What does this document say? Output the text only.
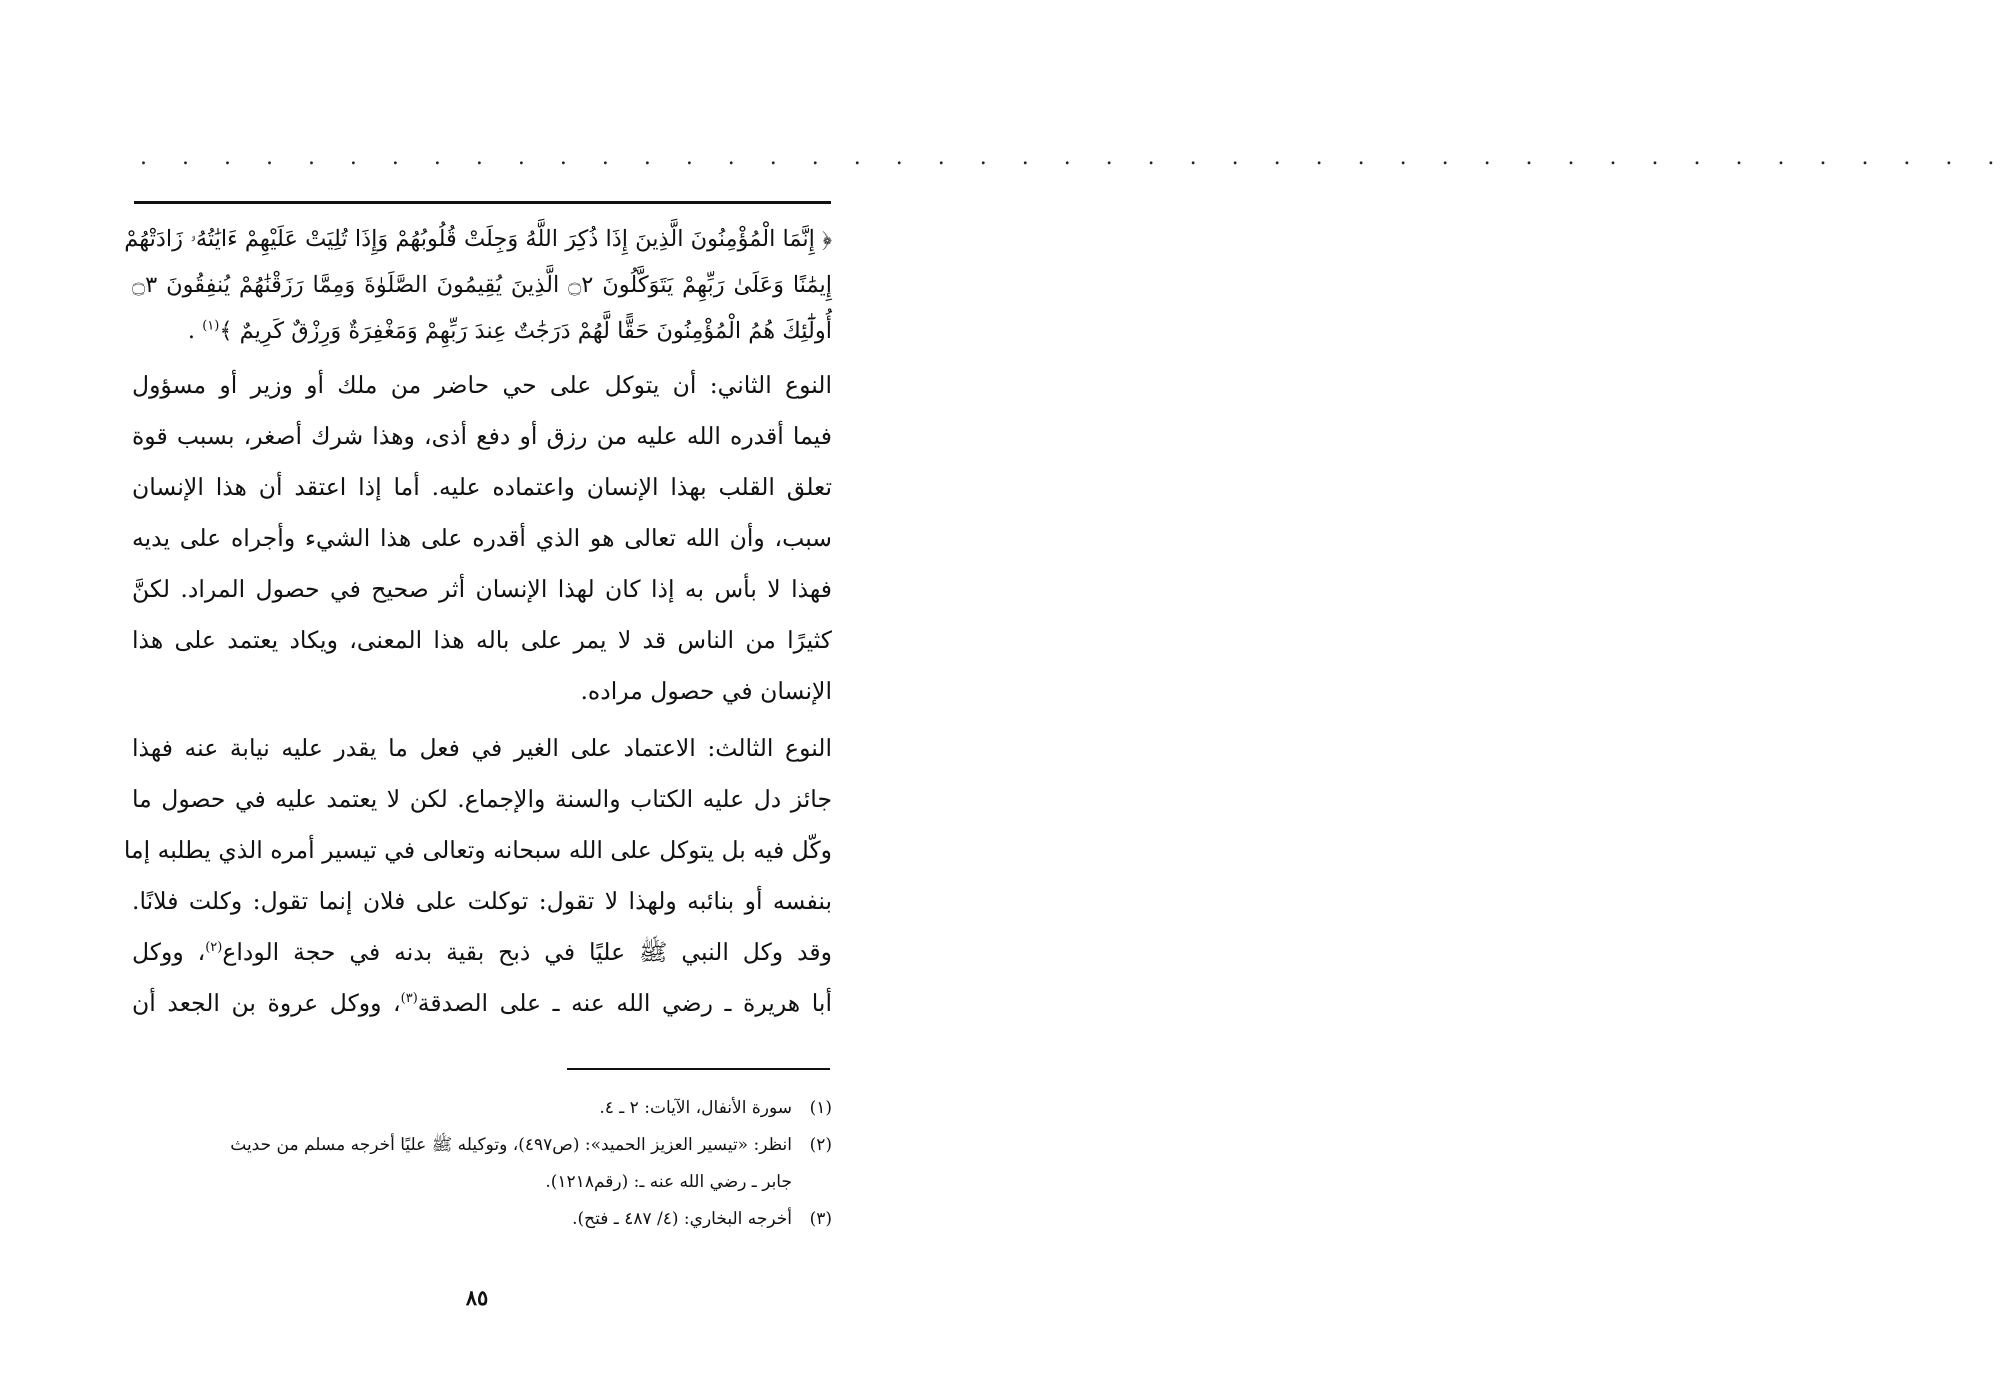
. . . . . . . . . . . . . . . . . . . . . . . . . . . . . . . . . . . . . . . . . . . . .
﴿ إِنَّمَا الْمُؤْمِنُونَ الَّذِينَ إِذَا ذُكِرَ اللَّهُ وَجِلَتْ قُلُوبُهُمْ وَإِذَا تُلِيَتْ عَلَيْهِمْ ءَايَٰتُهُۥ زَادَتْهُمْ
إِيمَٰنًا وَعَلَىٰ رَبِّهِمْ يَتَوَكَّلُونَ ۝٢ الَّذِينَ يُقِيمُونَ الصَّلَوٰةَ وَمِمَّا رَزَقْنَٰهُمْ يُنفِقُونَ ۝٣
أُولَٰٓئِكَ هُمُ الْمُؤْمِنُونَ حَقًّا لَّهُمْ دَرَجَٰتٌ عِندَ رَبِّهِمْ وَمَغْفِرَةٌ وَرِزْقٌ كَرِيمٌ ﴾$^{(١)}$ .
النوع الثاني: أن يتوكل على حي حاضر من ملك أو وزير أو مسؤول
فيما أقدره الله عليه من رزق أو دفع أذى، وهذا شرك أصغر، بسبب قوة
تعلق القلب بهذا الإنسان واعتماده عليه. أما إذا اعتقد أن هذا الإنسان
سبب، وأن الله تعالى هو الذي أقدره على هذا الشيء وأجراه على يديه
فهذا لا بأس به إذا كان لهذا الإنسان أثر صحيح في حصول المراد. لكنَّ
كثيرًا من الناس قد لا يمر على باله هذا المعنى، ويكاد يعتمد على هذا
الإنسان في حصول مراده.
النوع الثالث: الاعتماد على الغير في فعل ما يقدر عليه نيابة عنه فهذا
جائز دل عليه الكتاب والسنة والإجماع. لكن لا يعتمد عليه في حصول ما
وكّل فيه بل يتوكل على الله سبحانه وتعالى في تيسير أمره الذي يطلبه إما
بنفسه أو بنائبه ولهذا لا تقول: توكلت على فلان إنما تقول: وكلت فلانًا.
وقد وكل النبي ﷺ عليًا في ذبح بقية بدنه في حجة الوداع$^{(٢)}$، ووكل
أبا هريرة ـ رضي الله عنه ـ على الصدقة$^{(٣)}$، ووكل عروة بن الجعد أن
(١)سورة الأنفال، الآيات: ٢ ـ ٤.
(٢)انظر: «تيسير العزيز الحميد»: (ص٤٩٧)، وتوكيله ﷺ عليًا أخرجه مسلم من حديث
جابر ـ رضي الله عنه ـ: (رقم١٢١٨).
(٣)أخرجه البخاري: (٤/ ٤٨٧ ـ فتح).
٨٥
